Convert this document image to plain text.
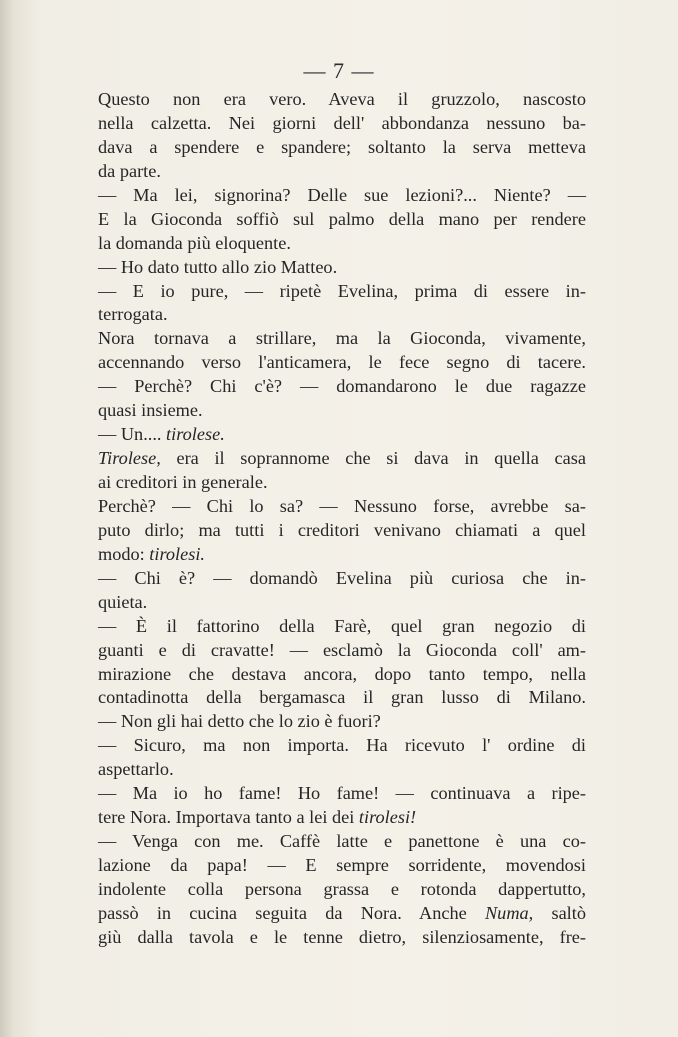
— 7 —
Questo non era vero. Aveva il gruzzolo, nascosto
nella calzetta. Nei giorni dell' abbondanza nessuno ba-
dava a spendere e spandere; soltanto la serva metteva
da parte.
— Ma lei, signorina? Delle sue lezioni?... Niente? —
E la Gioconda soffiò sul palmo della mano per rendere
la domanda più eloquente.
— Ho dato tutto allo zio Matteo.
— E io pure, — ripetè Evelina, prima di essere in-
terrogata.
Nora tornava a strillare, ma la Gioconda, vivamente,
accennando verso l'anticamera, le fece segno di tacere.
— Perchè? Chi c'è? — domandarono le due ragazze
quasi insieme.
— Un.... tirolese.
Tirolese, era il soprannome che si dava in quella casa
ai creditori in generale.
Perchè? — Chi lo sa? — Nessuno forse, avrebbe sa-
puto dirlo; ma tutti i creditori venivano chiamati a quel
modo: tirolesi.
— Chi è? — domandò Evelina più curiosa che in-
quieta.
— È il fattorino della Farè, quel gran negozio di
guanti e di cravatte! — esclamò la Gioconda coll' am-
mirazione che destava ancora, dopo tanto tempo, nella
contadinotta della bergamasca il gran lusso di Milano.
— Non gli hai detto che lo zio è fuori?
— Sicuro, ma non importa. Ha ricevuto l' ordine di
aspettarlo.
— Ma io ho fame! Ho fame! — continuava a ripe-
tere Nora. Importava tanto a lei dei tirolesi!
— Venga con me. Caffè latte e panettone è una co-
lazione da papa! — E sempre sorridente, movendosi
indolente colla persona grassa e rotonda dappertutto,
passò in cucina seguita da Nora. Anche Numa, saltò
giù dalla tavola e le tenne dietro, silenziosamente, fre-
